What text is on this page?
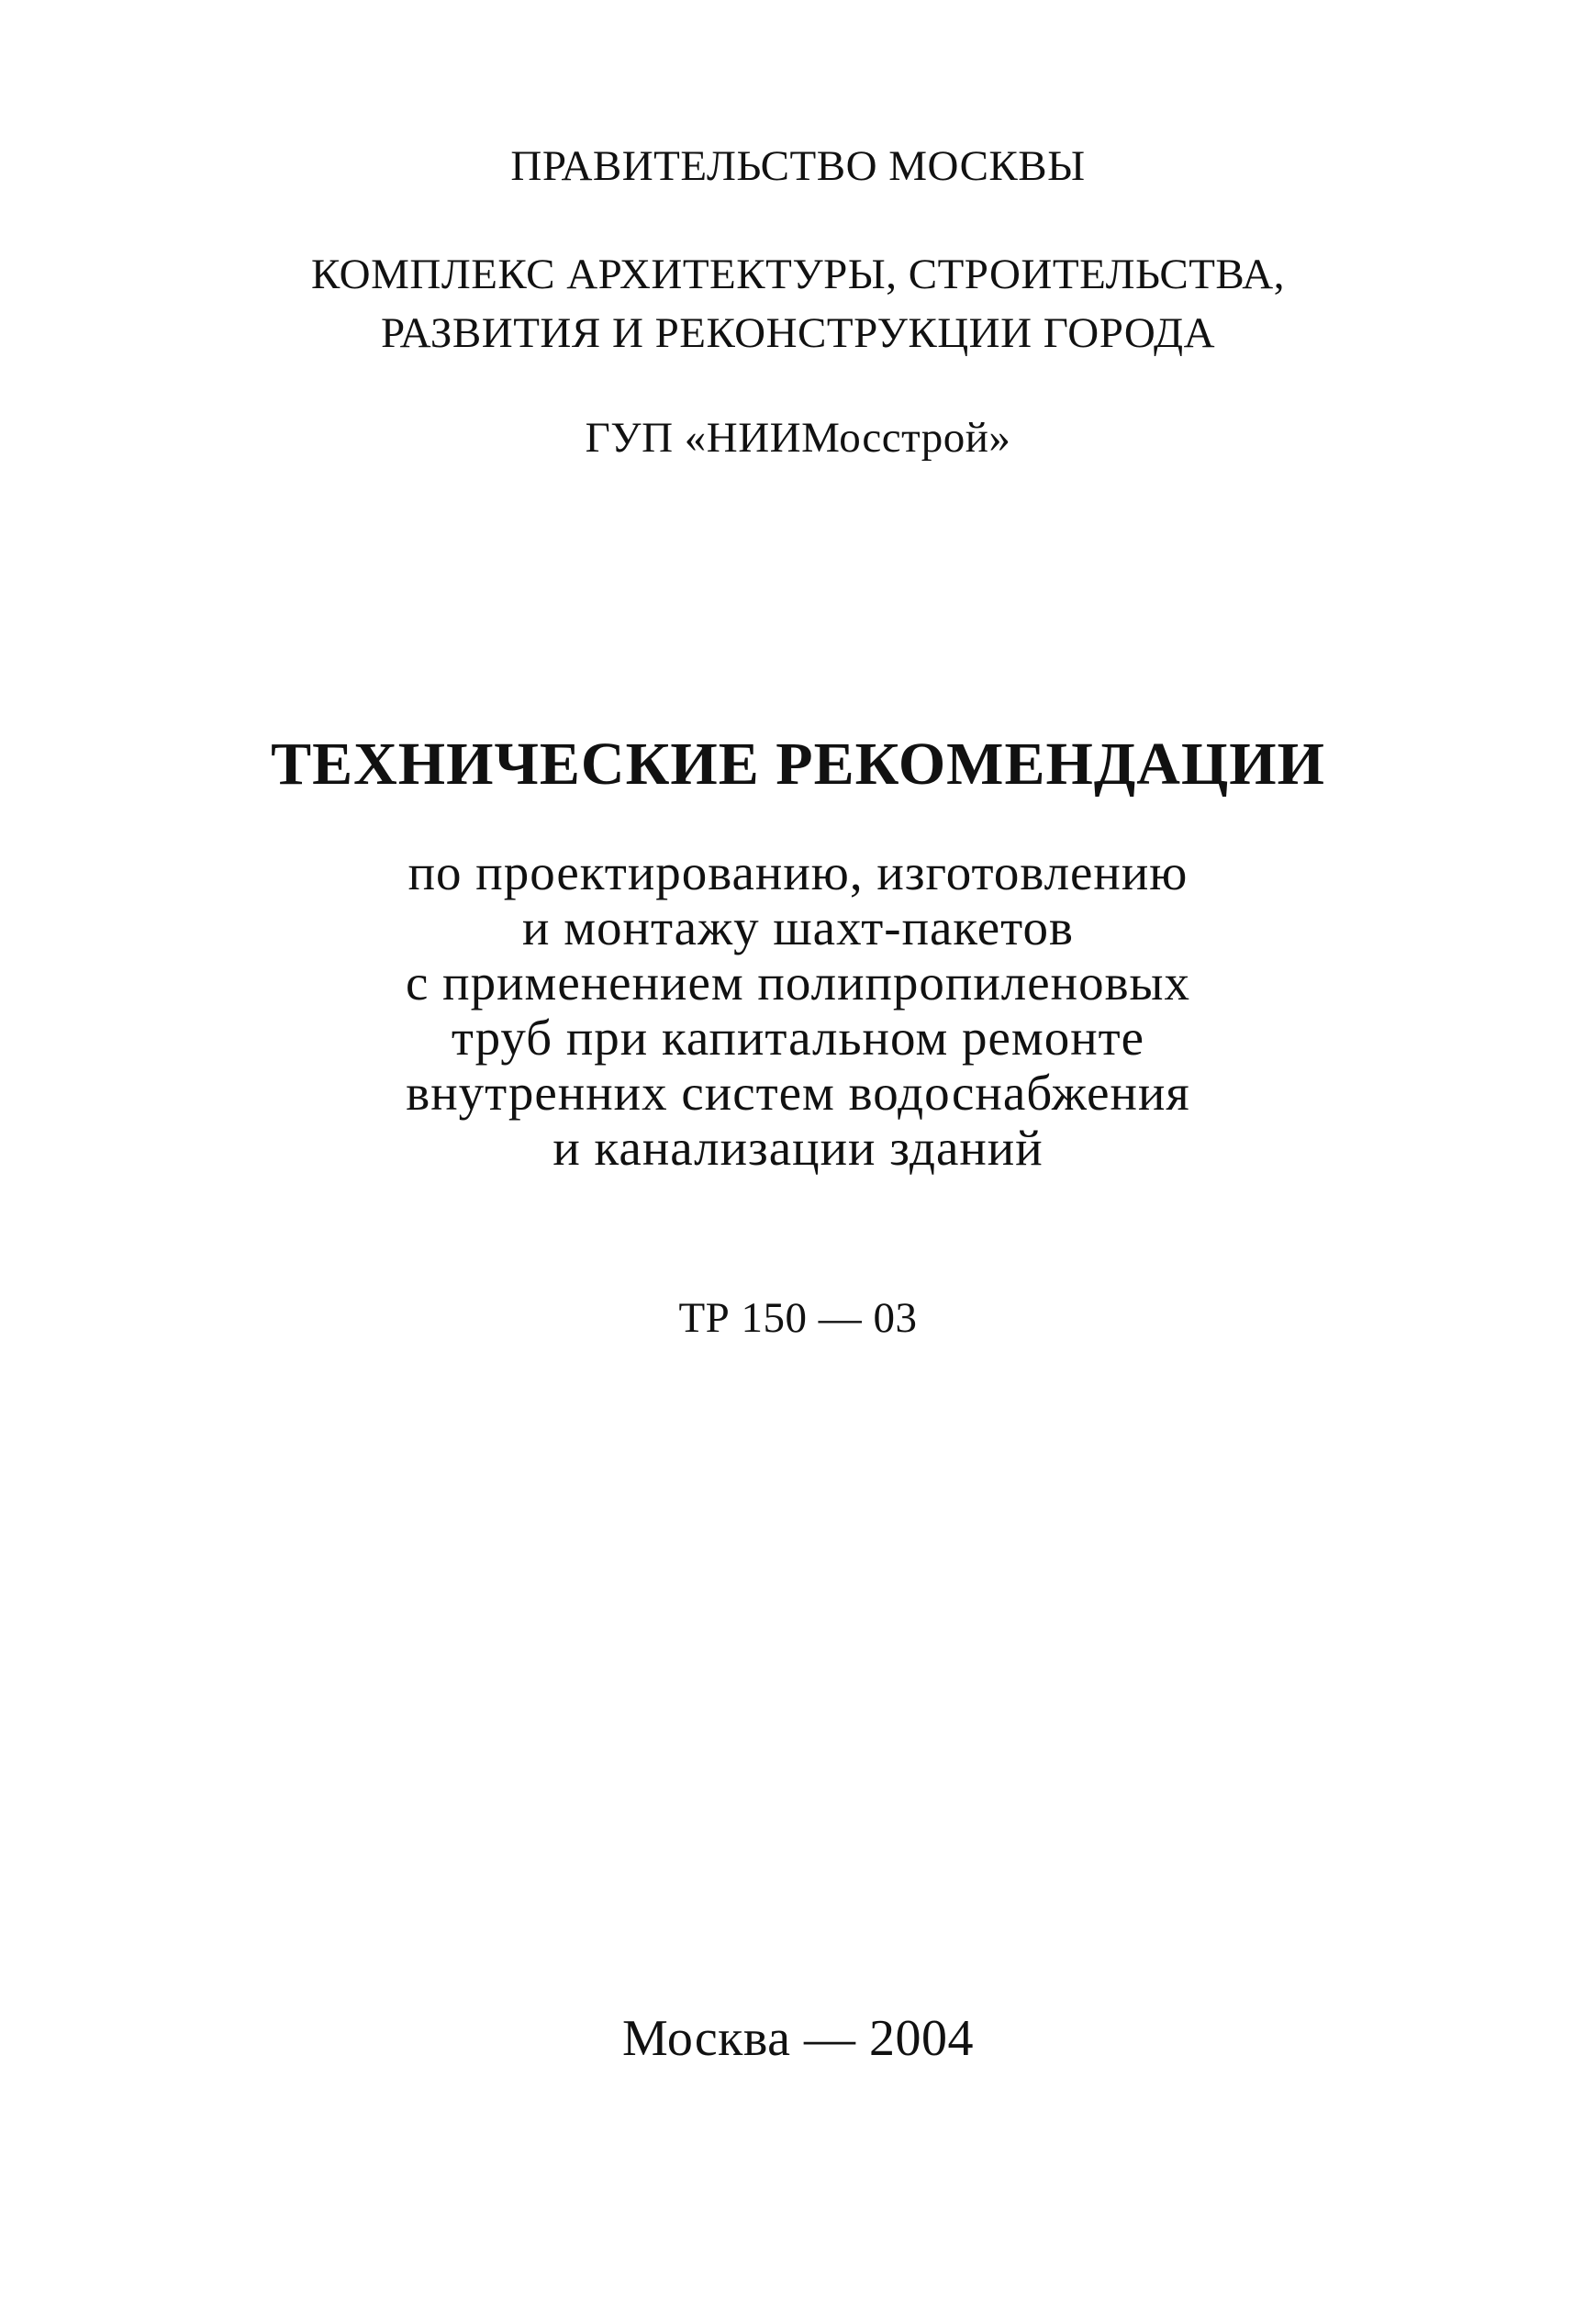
ПРАВИТЕЛЬСТВО МОСКВЫ
КОМПЛЕКС АРХИТЕКТУРЫ, СТРОИТЕЛЬСТВА,
РАЗВИТИЯ И РЕКОНСТРУКЦИИ ГОРОДА
ГУП «НИИМосстрой»
ТЕХНИЧЕСКИЕ РЕКОМЕНДАЦИИ
по проектированию, изготовлению
и монтажу шахт-пакетов
с применением полипропиленовых
труб при капитальном ремонте
внутренних систем водоснабжения
и канализации зданий
ТР 150 — 03
Москва — 2004
